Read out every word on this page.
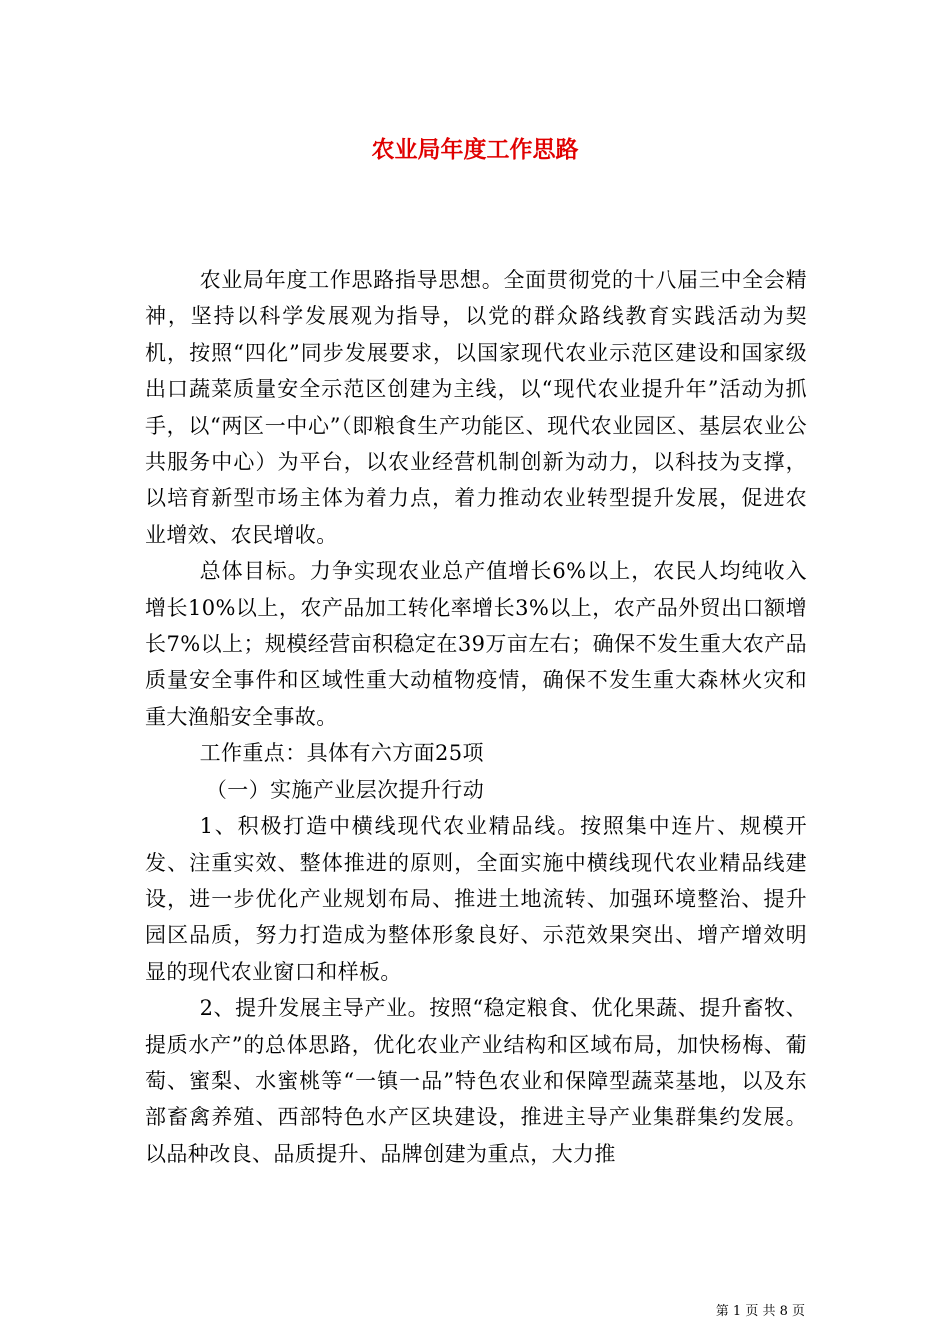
农业局年度工作思路

农业局年度工作思路指导思想。全面贯彻党的十八届三中全会精神，坚持以科学发展观为指导，以党的群众路线教育实践活动为契机，按照“四化”同步发展要求，以国家现代农业示范区建设和国家级出口蔬菜质量安全示范区创建为主线，以“现代农业提升年”活动为抓手，以“两区一中心”（即粮食生产功能区、现代农业园区、基层农业公共服务中心）为平台，以农业经营机制创新为动力，以科技为支撑，以培育新型市场主体为着力点，着力推动农业转型提升发展，促进农业增效、农民增收。

总体目标。力争实现农业总产值增长6%以上，农民人均纯收入增长10%以上，农产品加工转化率增长3%以上，农产品外贸出口额增长7%以上；规模经营亩积稳定在39万亩左右；确保不发生重大农产品质量安全事件和区域性重大动植物疫情，确保不发生重大森林火灾和重大渔船安全事故。

工作重点：具体有六方面25项

（一）实施产业层次提升行动

1、积极打造中横线现代农业精品线。按照集中连片、规模开发、注重实效、整体推进的原则，全面实施中横线现代农业精品线建设，进一步优化产业规划布局、推进土地流转、加强环境整治、提升园区品质，努力打造成为整体形象良好、示范效果突出、增产增效明显的现代农业窗口和样板。

2、提升发展主导产业。按照“稳定粮食、优化果蔬、提升畜牧、提质水产”的总体思路，优化农业产业结构和区域布局，加快杨梅、葡萄、蜜梨、水蜜桃等“一镇一品”特色农业和保障型蔬菜基地，以及东部畜禽养殖、西部特色水产区块建设，推进主导产业集群集约发展。以品种改良、品质提升、品牌创建为重点，大力推

第 1 页 共 8 页
